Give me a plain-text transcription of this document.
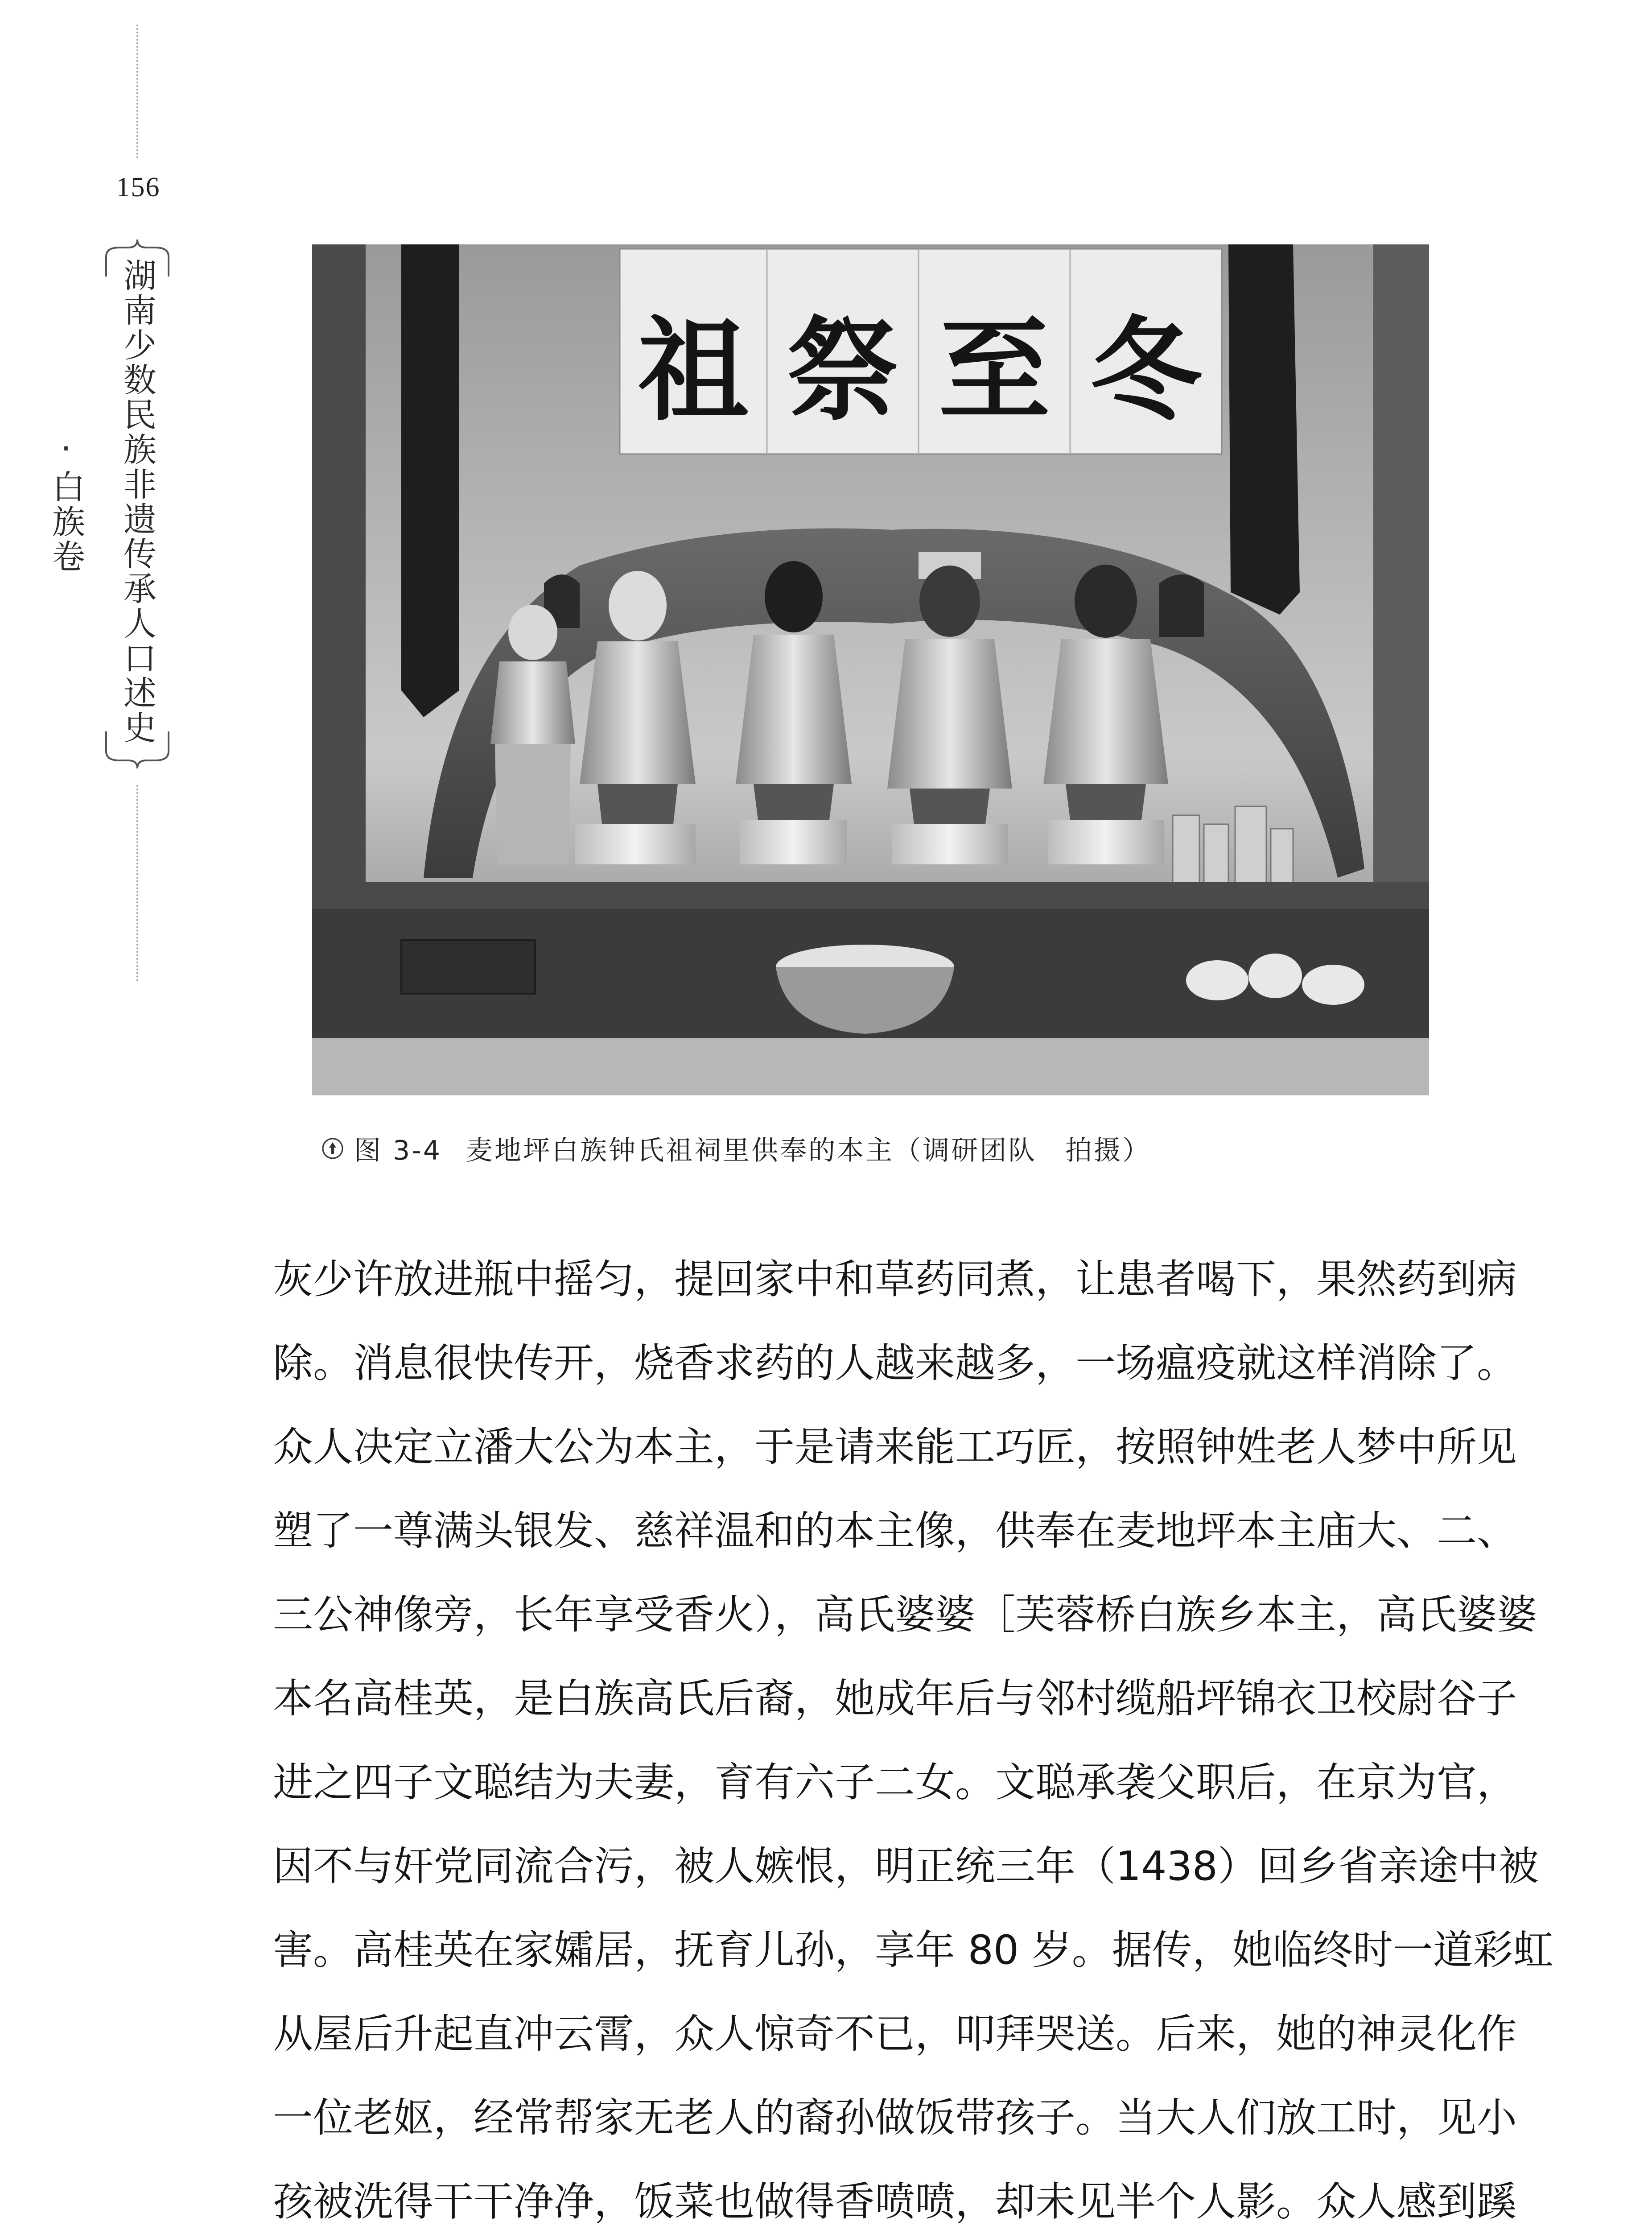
156
湖南少数民族非遗传承人口述史·白族卷
祖 祭 至 冬
图 3-4 麦地坪白族钟氏祖祠里供奉的本主（调研团队　拍摄）
灰少许放进瓶中摇匀，提回家中和草药同煮，让患者喝下，果然药到病
除。消息很快传开，烧香求药的人越来越多，一场瘟疫就这样消除了。
众人决定立潘大公为本主，于是请来能工巧匠，按照钟姓老人梦中所见
塑了一尊满头银发、慈祥温和的本主像，供奉在麦地坪本主庙大、二、
三公神像旁，长年享受香火），高氏婆婆［芙蓉桥白族乡本主，高氏婆婆
本名高桂英，是白族高氏后裔，她成年后与邻村缆船坪锦衣卫校尉谷子
进之四子文聪结为夫妻，育有六子二女。文聪承袭父职后，在京为官，
因不与奸党同流合污，被人嫉恨，明正统三年（1438）回乡省亲途中被
害。高桂英在家孀居，抚育儿孙，享年 80 岁。据传，她临终时一道彩虹
从屋后升起直冲云霄，众人惊奇不已，叩拜哭送。后来，她的神灵化作
一位老妪，经常帮家无老人的裔孙做饭带孩子。当大人们放工时，见小
孩被洗得干干净净，饭菜也做得香喷喷，却未见半个人影。众人感到蹊
